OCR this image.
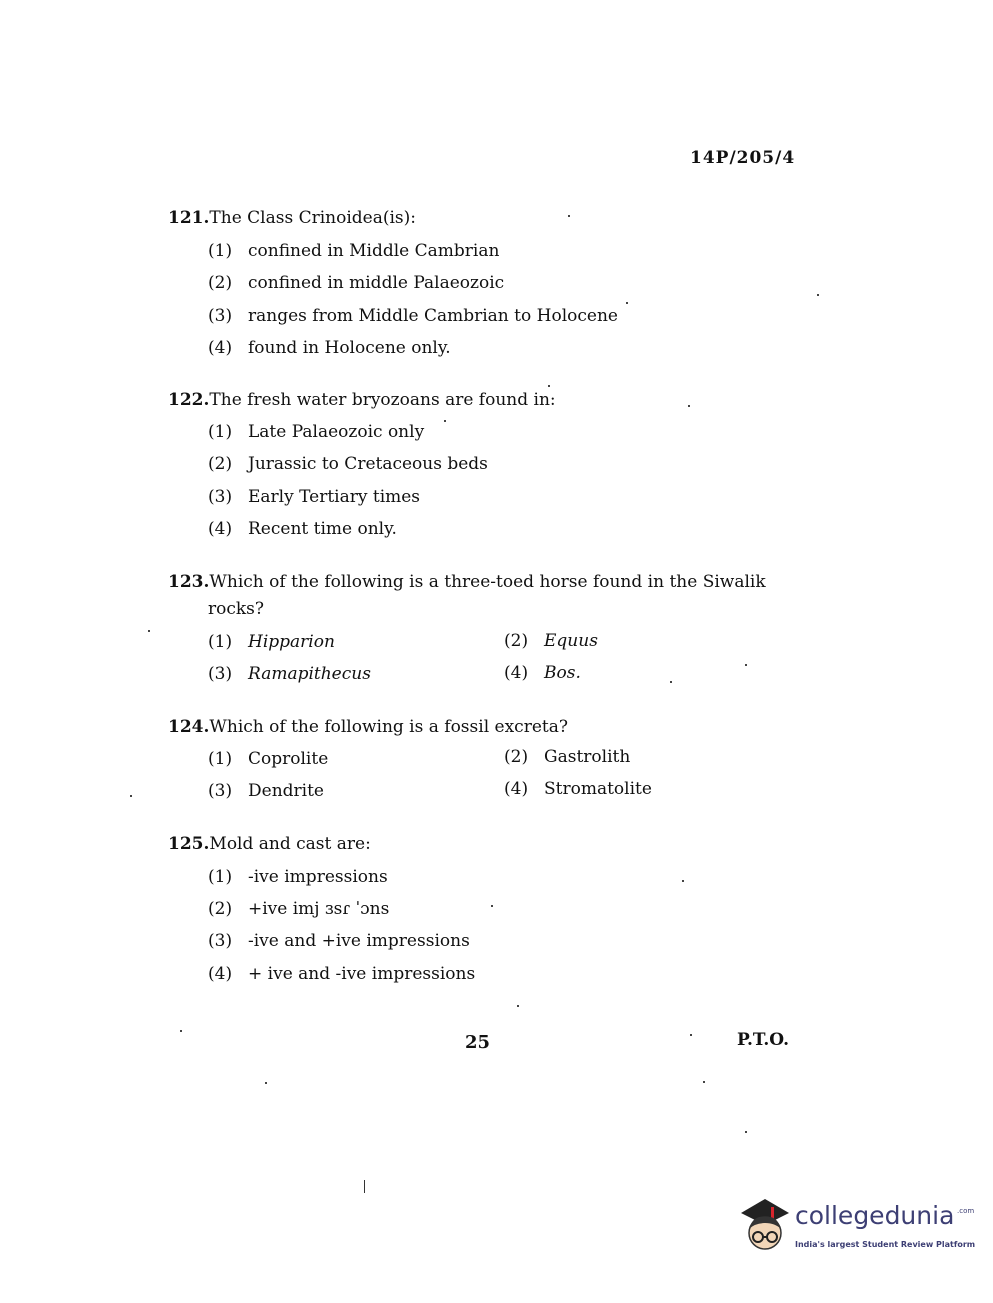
14P/205/4
121.The Class Crinoidea(is):
(1) confined in Middle Cambrian
(2) confined in middle Palaeozoic
(3) ranges from Middle Cambrian to Holocene
(4) found in Holocene only.
122.The fresh water bryozoans are found in:
(1) Late Palaeozoic only
(2) Jurassic to Cretaceous beds
(3) Early Tertiary times
(4) Recent time only.
123.Which of the following is a three-toed horse found in the Siwalik
rocks?
(1) Hipparion	(2) Equus
(3) Ramapithecus	(4) Bos.
124.Which of the following is a fossil excreta?
(1) Coprolite	(2) Gastrolith
(3) Dendrite	(4) Stromatolite
125.Mold and cast are:
(1) -ive impressions
(2) +ive imj ɜsɾ ˈɔns
(3) -ive and +ive impressions
(4) + ive and -ive impressions
25	P.T.O.
collegedunia .com
India's largest Student Review Platform
